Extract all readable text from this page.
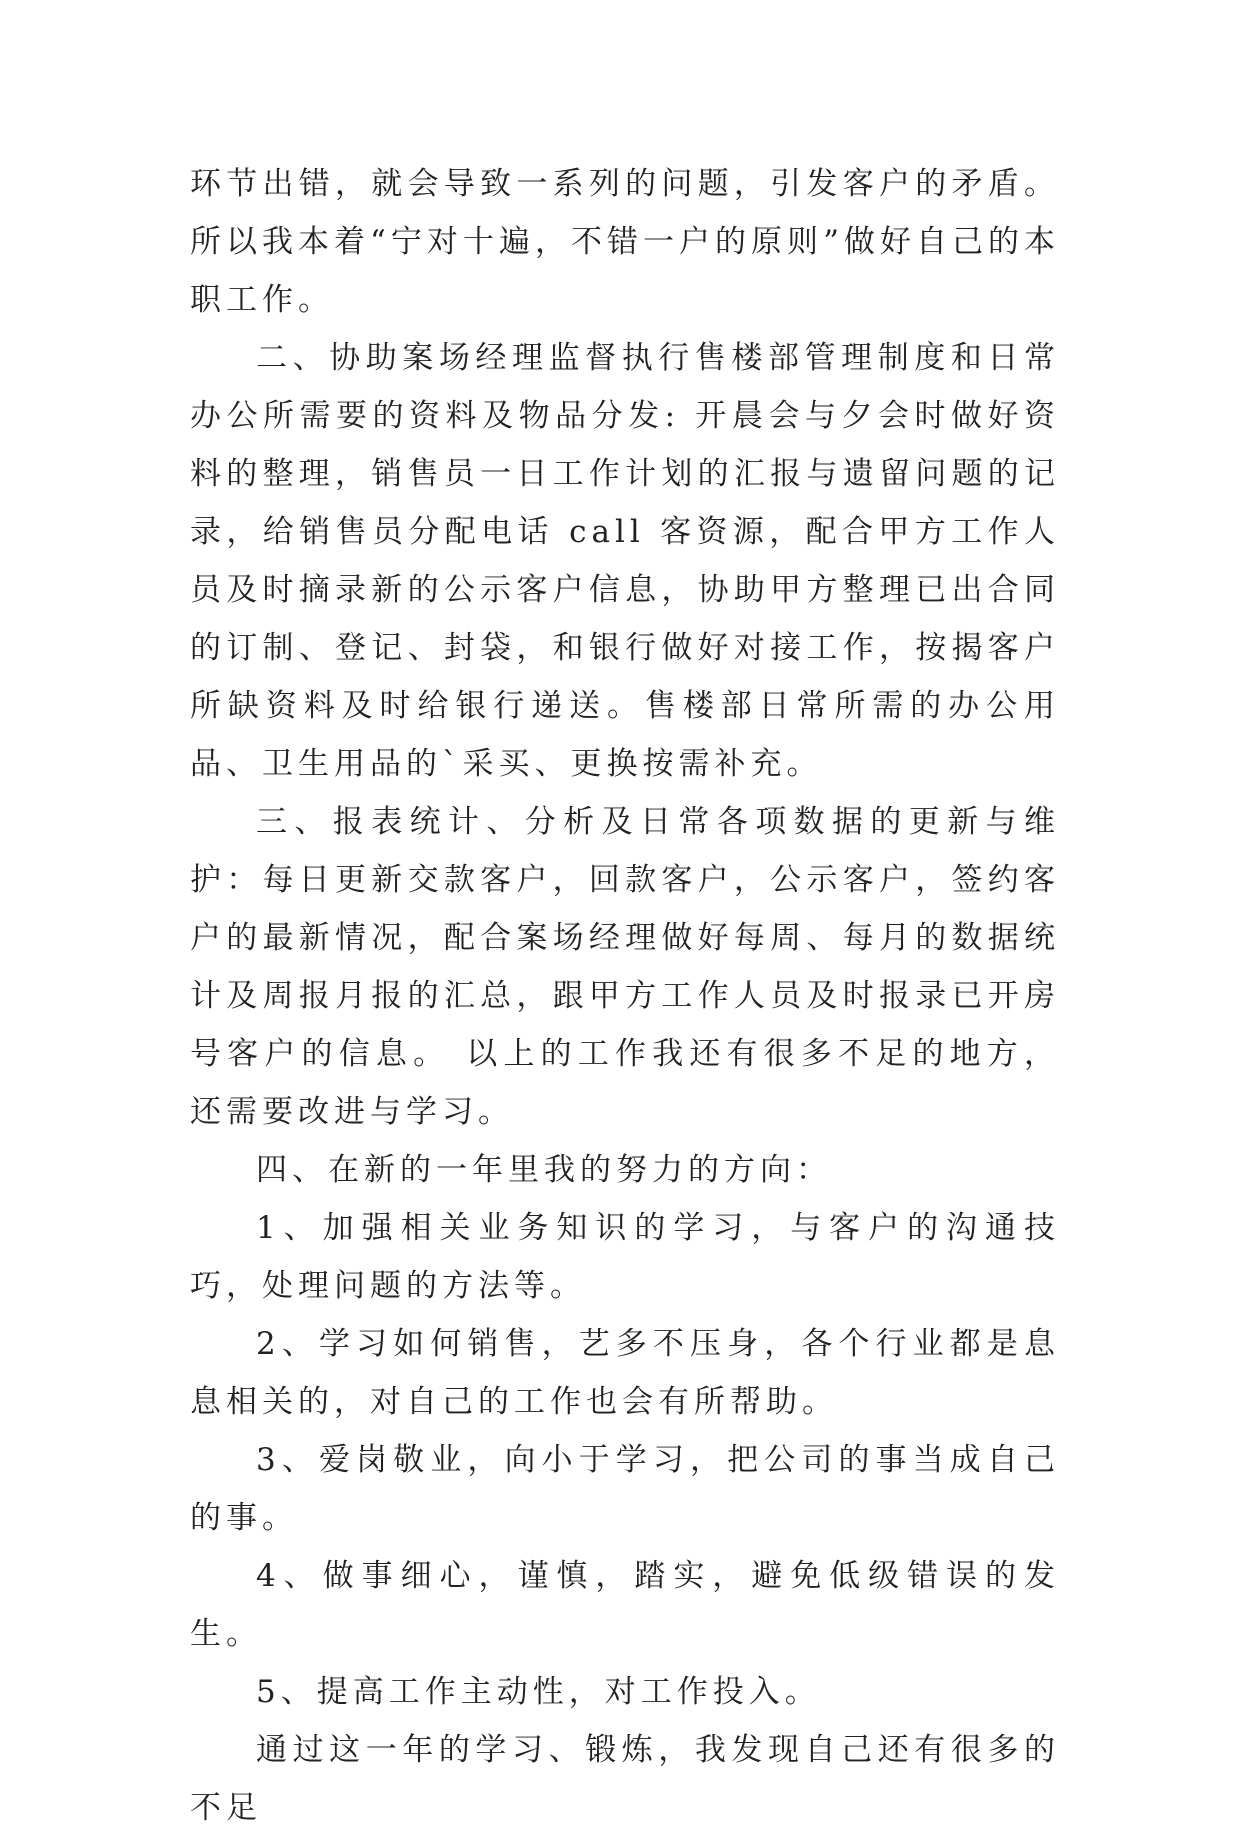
环节出错，就会导致一系列的问题，引发客户的矛盾。所以我本着“宁对十遍，不错一户的原则”做好自己的本职工作。

二、协助案场经理监督执行售楼部管理制度和日常办公所需要的资料及物品分发: 开晨会与夕会时做好资料的整理，销售员一日工作计划的汇报与遗留问题的记录，给销售员分配电话 call 客资源，配合甲方工作人员及时摘录新的公示客户信息，协助甲方整理已出合同的订制、登记、封袋，和银行做好对接工作，按揭客户所缺资料及时给银行递送。售楼部日常所需的办公用品、卫生用品的`采买、更换按需补充。

三、报表统计、分析及日常各项数据的更新与维护：每日更新交款客户，回款客户，公示客户，签约客户的最新情况，配合案场经理做好每周、每月的数据统计及周报月报的汇总，跟甲方工作人员及时报录已开房号客户的信息。 以上的工作我还有很多不足的地方，还需要改进与学习。

四、在新的一年里我的努力的方向：

1、加强相关业务知识的学习，与客户的沟通技巧，处理问题的方法等。

2、学习如何销售，艺多不压身，各个行业都是息息相关的，对自己的工作也会有所帮助。

3、爱岗敬业，向小于学习，把公司的事当成自己的事。

4、做事细心，谨慎，踏实，避免低级错误的发生。

5、提高工作主动性，对工作投入。

通过这一年的学习、锻炼，我发现自己还有很多的不足
